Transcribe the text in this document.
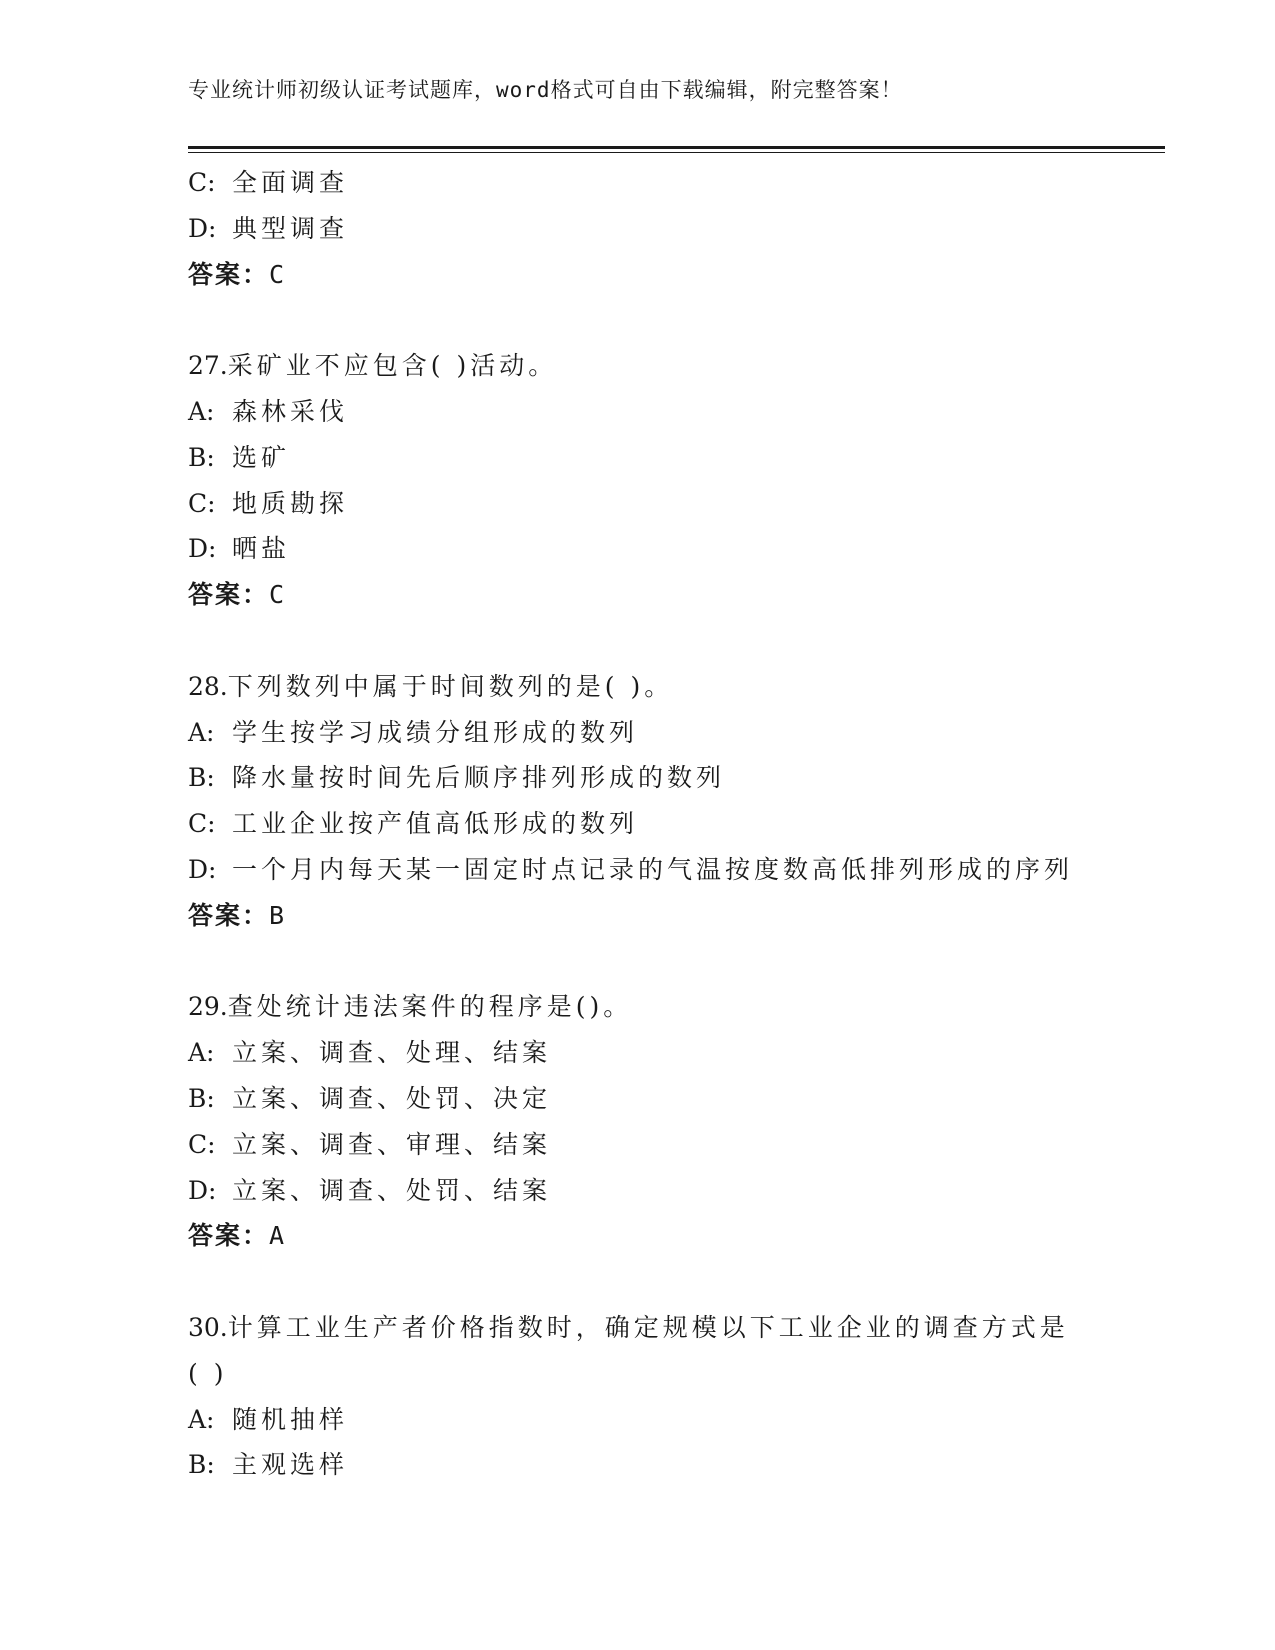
专业统计师初级认证考试题库，word格式可自由下载编辑，附完整答案！
C: 全面调查
D: 典型调查
答案：C
27.采矿业不应包含( )活动。
A: 森林采伐
B: 选矿
C: 地质勘探
D: 晒盐
答案：C
28.下列数列中属于时间数列的是( )。
A: 学生按学习成绩分组形成的数列
B: 降水量按时间先后顺序排列形成的数列
C: 工业企业按产值高低形成的数列
D: 一个月内每天某一固定时点记录的气温按度数高低排列形成的序列
答案：B
29.查处统计违法案件的程序是()。
A: 立案、调查、处理、结案
B: 立案、调查、处罚、决定
C: 立案、调查、审理、结案
D: 立案、调查、处罚、结案
答案：A
30.计算工业生产者价格指数时，确定规模以下工业企业的调查方式是
( )
A: 随机抽样
B: 主观选样
